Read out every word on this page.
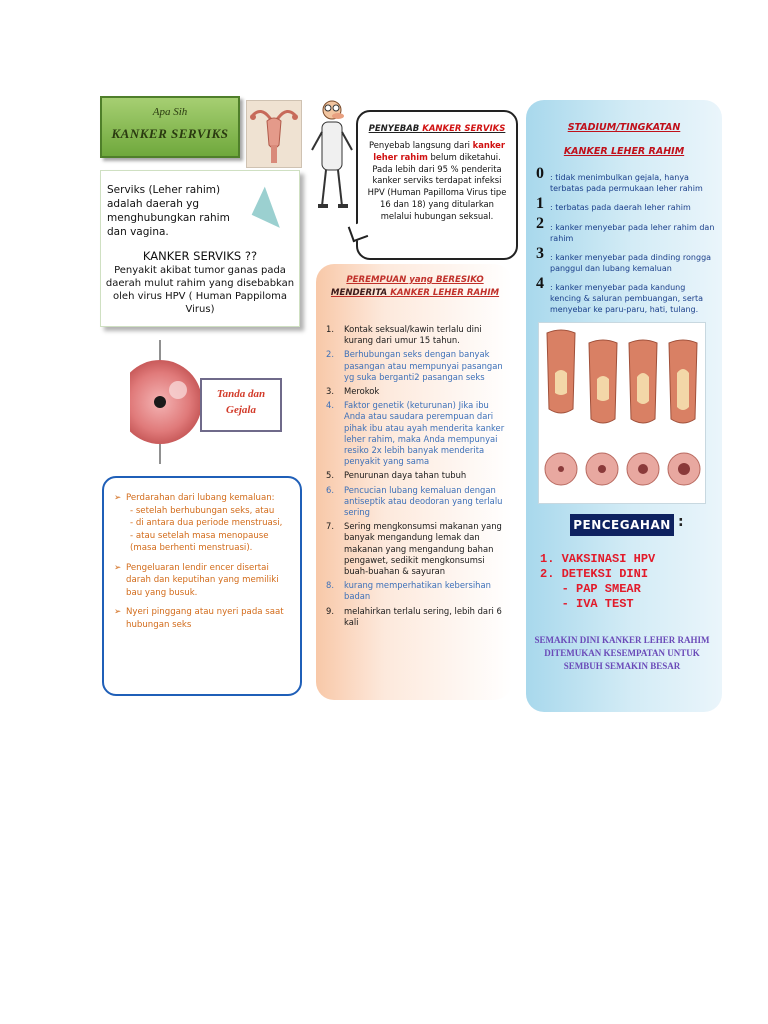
Apa Sih
KANKER SERVIKS
Serviks (Leher rahim) adalah daerah yg menghubungkan rahim dan vagina.
KANKER SERVIKS ??
Penyakit akibat tumor ganas pada daerah mulut rahim yang disebabkan oleh virus HPV ( Human Pappiloma Virus)
Tanda dan Gejala
➢ Perdarahan dari lubang kemaluan:
- setelah berhubungan seks, atau
- di antara dua periode menstruasi,
- atau setelah masa menopause
(masa berhenti menstruasi).
➢ Pengeluaran lendir encer disertai darah dan keputihan yang memiliki bau yang busuk.
➢ Nyeri pinggang atau nyeri pada saat hubungan seks
PENYEBAB KANKER SERVIKS
Penyebab langsung dari kanker leher rahim belum diketahui. Pada lebih dari 95 % penderita kanker serviks terdapat infeksi HPV (Human Papilloma Virus tipe 16 dan 18) yang ditularkan melalui hubungan seksual.
PEREMPUAN yang BERESIKO
MENDERITA KANKER LEHER RAHIM
1. Kontak seksual/kawin terlalu dini kurang dari umur 15 tahun.
2. Berhubungan seks dengan banyak pasangan atau mempunyai pasangan yg suka berganti2 pasangan seks
3. Merokok
4. Faktor genetik (keturunan) Jika ibu Anda atau saudara perempuan dari pihak ibu atau ayah menderita kanker leher rahim, maka Anda mempunyai resiko 2x lebih banyak menderita penyakit yang sama
5. Penurunan daya tahan tubuh
6. Pencucian lubang kemaluan dengan antiseptik atau deodoran yang terlalu sering
7. Sering mengkonsumsi makanan yang banyak mengandung lemak dan makanan yang mengandung bahan pengawet, sedikit mengkonsumsi buah-buahan & sayuran
8. kurang memperhatikan kebersihan badan
9. melahirkan terlalu sering, lebih dari 6 kali
STADIUM/TINGKATAN
KANKER LEHER RAHIM
0 : tidak menimbulkan gejala, hanya terbatas pada permukaan leher rahim
1 : terbatas pada daerah leher rahim
2 : kanker menyebar pada leher rahim dan rahim
3 : kanker menyebar pada dinding rongga panggul dan lubang kemaluan
4 : kanker menyebar pada kandung kencing & saluran pembuangan, serta menyebar ke paru-paru, hati, tulang.
PENCEGAHAN :
1. VAKSINASI HPV
2. DETEKSI DINI
- PAP SMEAR
- IVA TEST
SEMAKIN DINI KANKER LEHER RAHIM DITEMUKAN KESEMPATAN UNTUK SEMBUH SEMAKIN BESAR
